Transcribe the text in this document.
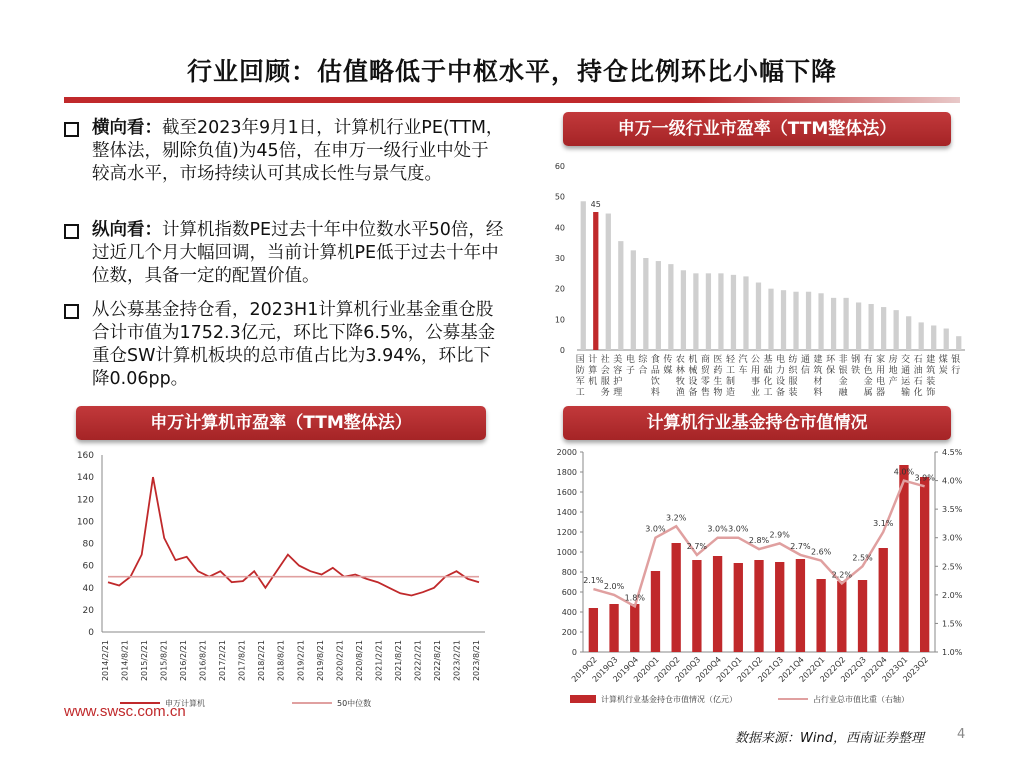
行业回顾：估值略低于中枢水平，持仓比例环比小幅下降
横向看：截至2023年9月1日，计算机行业PE(TTM，整体法，剔除负值)为45倍，在申万一级行业中处于较高水平，市场持续认可其成长性与景气度。
纵向看：计算机指数PE过去十年中位数水平50倍，经过近几个月大幅回调，当前计算机PE低于过去十年中位数，具备一定的配置价值。
从公募基金持仓看，2023H1计算机行业基金重仓股合计市值为1752.3亿元，环比下降6.5%，公募基金重仓SW计算机板块的总市值占比为3.94%，环比下降0.06pp。
申万一级行业市盈率（TTM整体法）
申万计算机市盈率（TTM整体法）	计算机行业基金持仓市值情况
0
20
40
60
80
100
120
140
160
2014/2/21 2014/8/21 2015/2/21 2015/8/21 2016/2/21 2016/8/21 2017/2/21 2017/8/21 2018/2/21 2018/8/21 2019/2/21 2019/8/21 2020/2/21 2020/8/21 2021/2/21 2021/8/21 2022/2/21 2022/8/21 2023/2/21 2023/8/21
申万计算机	50中位数
0
10
20
30
40
50
60
国
防
军
工
计
算
机
社
会
服
务
美
容
护
理
电
子
综
合
食
品
饮
料
传
媒
农
林
牧
渔
机
械
设
备
商
贸
零
售
医
药
生
物
轻
工
制
造
汽
车
公
用
事
业
基
础
化
工
电
力
设
备
纺
织
服
装
通
信
建
筑
材
料
环
保
非
银
金
融
钢
铁
有
色
金
属
家
用
电
器
房
地
产
交
通
运
输
石
油
石
化
建
筑
装
饰
煤
炭
银
行
45
0
200
400
600
800
1000
1200
1400
1600
1800
2000
1.0%
1.5%
2.0%
2.5%
3.0%
3.5%
4.0%
4.5%
2019Q2
2019Q3
2019Q4
2020Q1
2020Q2
2020Q3
2020Q4
2021Q1
2021Q2
2021Q3
2021Q4
2022Q1
2022Q2
2022Q3
2022Q4
2023Q1
2023Q2
2.1%
2.0%
1.8%
3.0%
3.2%
2.7%
3.0% 3.0%
2.8%
2.9%
2.7%
2.6%
2.2%
2.5%
3.1%
4.0%
3.9%
计算机行业基金持仓市值情况（亿元）	占行业总市值比重（右轴）
www.swsc.com.cn
数据来源：Wind，西南证券整理	4
